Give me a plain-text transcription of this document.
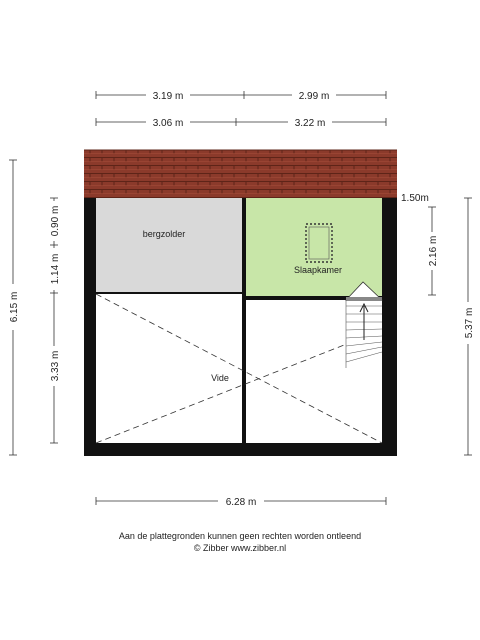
3.19 m	2.99 m
3.06 m	3.22 m
6.15 m
0.90 m
1.14 m
3.33 m
1.50m
2.16 m
5.37 m
6.28 m
bergzolder
Slaapkamer
Vide
Aan de plattegronden kunnen geen rechten worden ontleend
© Zibber www.zibber.nl
